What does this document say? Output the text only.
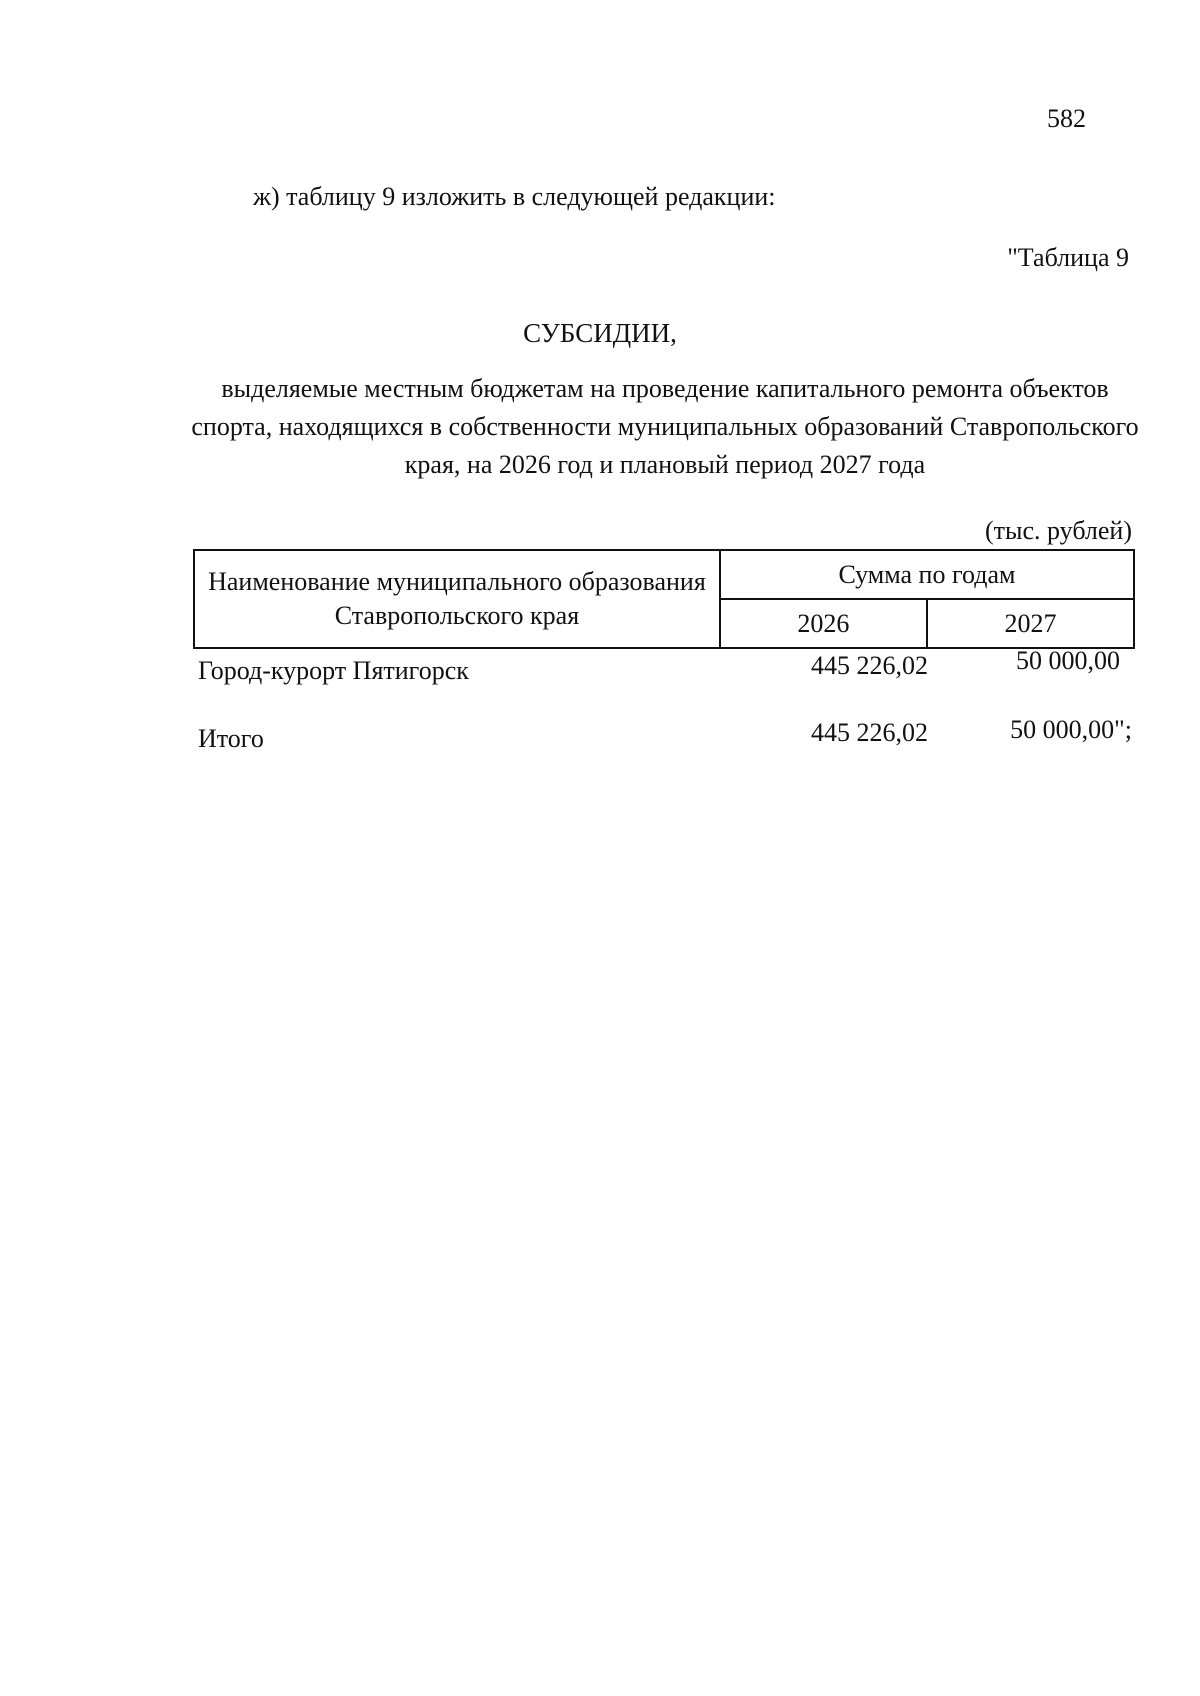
582
ж) таблицу 9 изложить в следующей редакции:
"Таблица 9
СУБСИДИИ,
выделяемые местным бюджетам на проведение капитального ремонта объектов спорта, находящихся в собственности муниципальных образований Ставропольского края, на 2026 год и плановый период 2027 года
(тыс. рублей)
Наименование муниципального образования Ставропольского края	Сумма по годам	
	2026	2027
Город-курорт Пятигорск	445 226,02	50 000,00
Итого	445 226,02	50 000,00";
